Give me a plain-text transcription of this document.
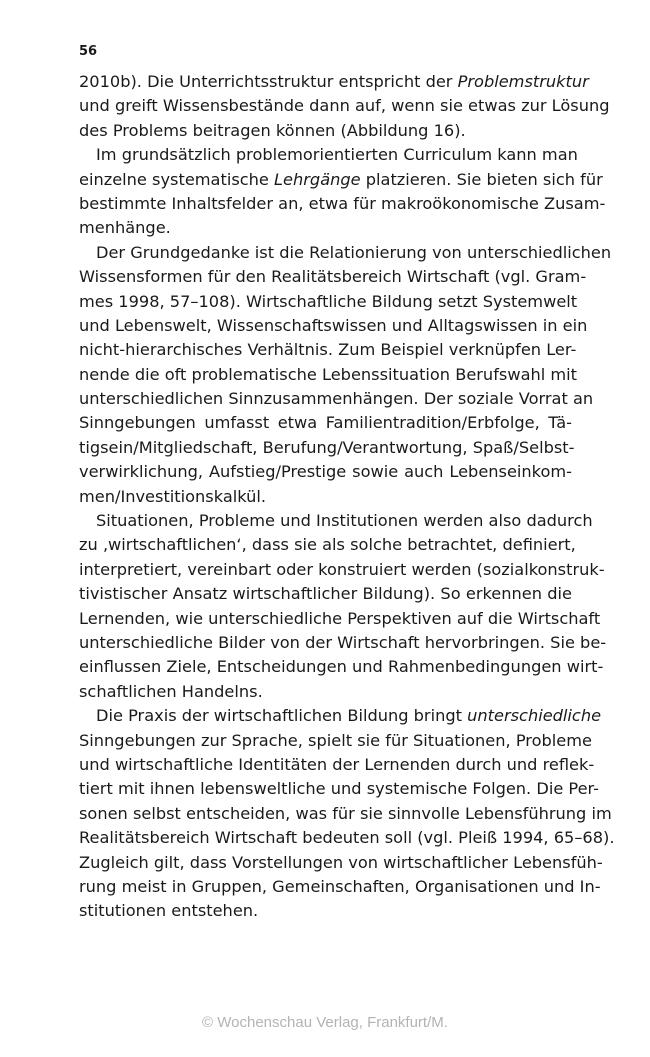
56
2010b). Die Unterrichtsstruktur entspricht der Problemstruktur
und greift Wissensbestände dann auf, wenn sie etwas zur Lösung
des Problems beitragen können (Abbildung 16).
Im grundsätzlich problemorientierten Curriculum kann man
einzelne systematische Lehrgänge platzieren. Sie bieten sich für
bestimmte Inhaltsfelder an, etwa für makroökonomische Zusam-
menhänge.
Der Grundgedanke ist die Relationierung von unterschiedlichen
Wissensformen für den Realitätsbereich Wirtschaft (vgl. Gram-
mes 1998, 57–108). Wirtschaftliche Bildung setzt Systemwelt
und Lebenswelt, Wissenschaftswissen und Alltagswissen in ein
nicht-hierarchisches Verhältnis. Zum Beispiel verknüpfen Ler-
nende die oft problematische Lebenssituation Berufswahl mit
unterschiedlichen Sinnzusammenhängen. Der soziale Vorrat an
Sinngebungen umfasst etwa Familientradition/Erbfolge, Tä-
tigsein/Mitgliedschaft, Berufung/Verantwortung, Spaß/Selbst-
verwirklichung, Aufstieg/Prestige sowie auch Lebenseinkom-
men/Investitionskalkül.
Situationen, Probleme und Institutionen werden also dadurch
zu ‚wirtschaftlichen‘, dass sie als solche betrachtet, definiert,
interpretiert, vereinbart oder konstruiert werden (sozialkonstruk-
tivistischer Ansatz wirtschaftlicher Bildung). So erkennen die
Lernenden, wie unterschiedliche Perspektiven auf die Wirtschaft
unterschiedliche Bilder von der Wirtschaft hervorbringen. Sie be-
einflussen Ziele, Entscheidungen und Rahmenbedingungen wirt-
schaftlichen Handelns.
Die Praxis der wirtschaftlichen Bildung bringt unterschiedliche
Sinngebungen zur Sprache, spielt sie für Situationen, Probleme
und wirtschaftliche Identitäten der Lernenden durch und reflek-
tiert mit ihnen lebensweltliche und systemische Folgen. Die Per-
sonen selbst entscheiden, was für sie sinnvolle Lebensführung im
Realitätsbereich Wirtschaft bedeuten soll (vgl. Pleiß 1994, 65–68).
Zugleich gilt, dass Vorstellungen von wirtschaftlicher Lebensfüh-
rung meist in Gruppen, Gemeinschaften, Organisationen und In-
stitutionen entstehen.
© Wochenschau Verlag, Frankfurt/M.
